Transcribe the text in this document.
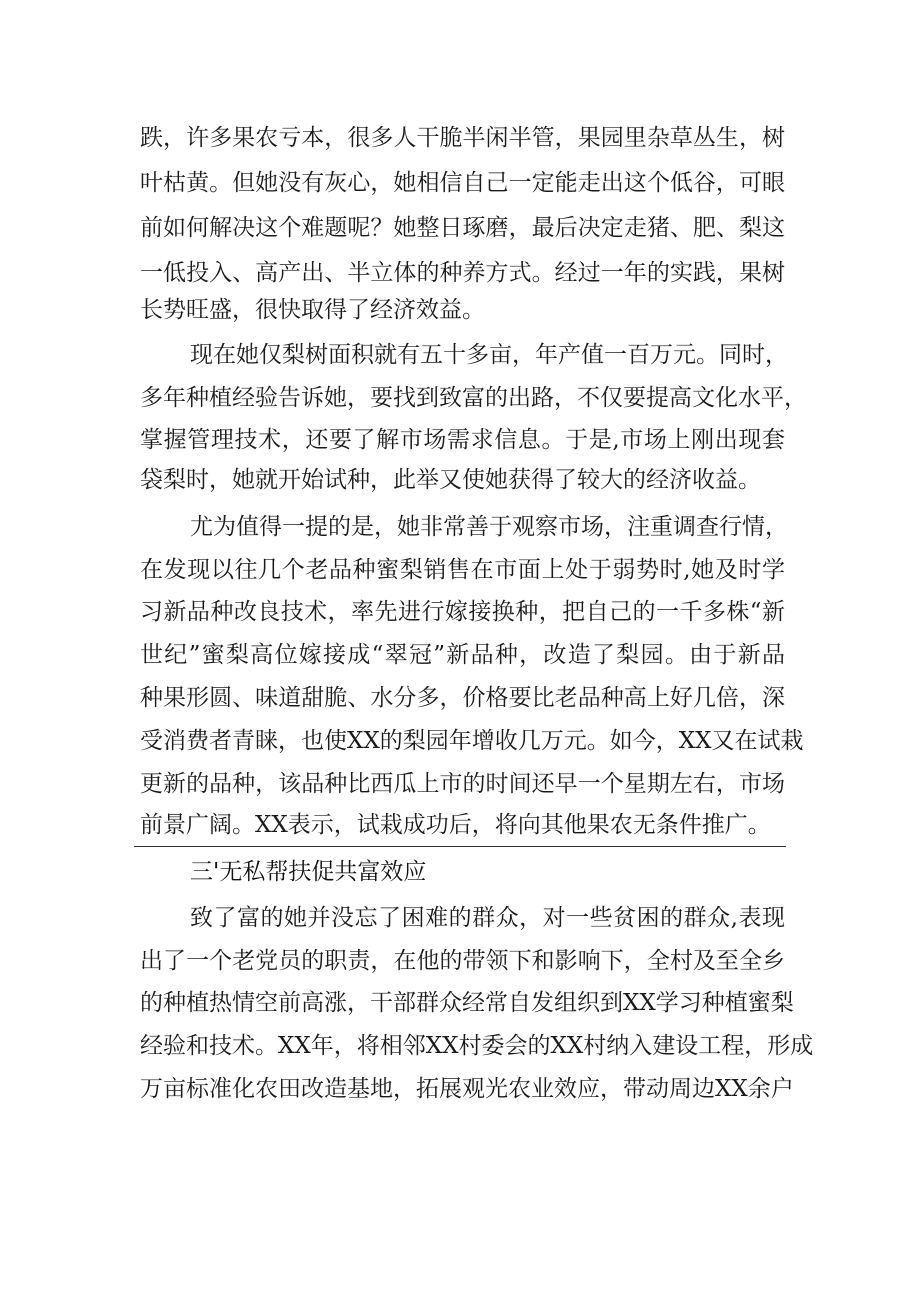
跌，许多果农亏本，很多人干脆半闲半管，果园里杂草丛生，树
叶枯黄。但她没有灰心，她相信自己一定能走出这个低谷，可眼
前如何解决这个难题呢？她整日琢磨，最后决定走猪、肥、梨这
一低投入、高产出、半立体的种养方式。经过一年的实践，果树
长势旺盛，很快取得了经济效益。
现在她仅梨树面积就有五十多亩，年产值一百万元。同时，
多年种植经验告诉她，要找到致富的出路，不仅要提高文化水平，
掌握管理技术，还要了解市场需求信息。于是,市场上刚出现套
袋梨时，她就开始试种，此举又使她获得了较大的经济收益。
尤为值得一提的是，她非常善于观察市场，注重调查行情，
在发现以往几个老品种蜜梨销售在市面上处于弱势时,她及时学
习新品种改良技术，率先进行嫁接换种，把自己的一千多株“新
世纪”蜜梨高位嫁接成“翠冠”新品种，改造了梨园。由于新品
种果形圆、味道甜脆、水分多，价格要比老品种高上好几倍，深
受消费者青睐，也使XX的梨园年增收几万元。如今，XX又在试栽
更新的品种，该品种比西瓜上市的时间还早一个星期左右，市场
前景广阔。XX表示，试栽成功后，将向其他果农无条件推广。
三'无私帮扶促共富效应
致了富的她并没忘了困难的群众，对一些贫困的群众,表现
出了一个老党员的职责，在他的带领下和影响下，全村及至全乡
的种植热情空前高涨，干部群众经常自发组织到XX学习种植蜜梨
经验和技术。XX年，将相邻XX村委会的XX村纳入建设工程，形成
万亩标准化农田改造基地，拓展观光农业效应，带动周边XX余户
